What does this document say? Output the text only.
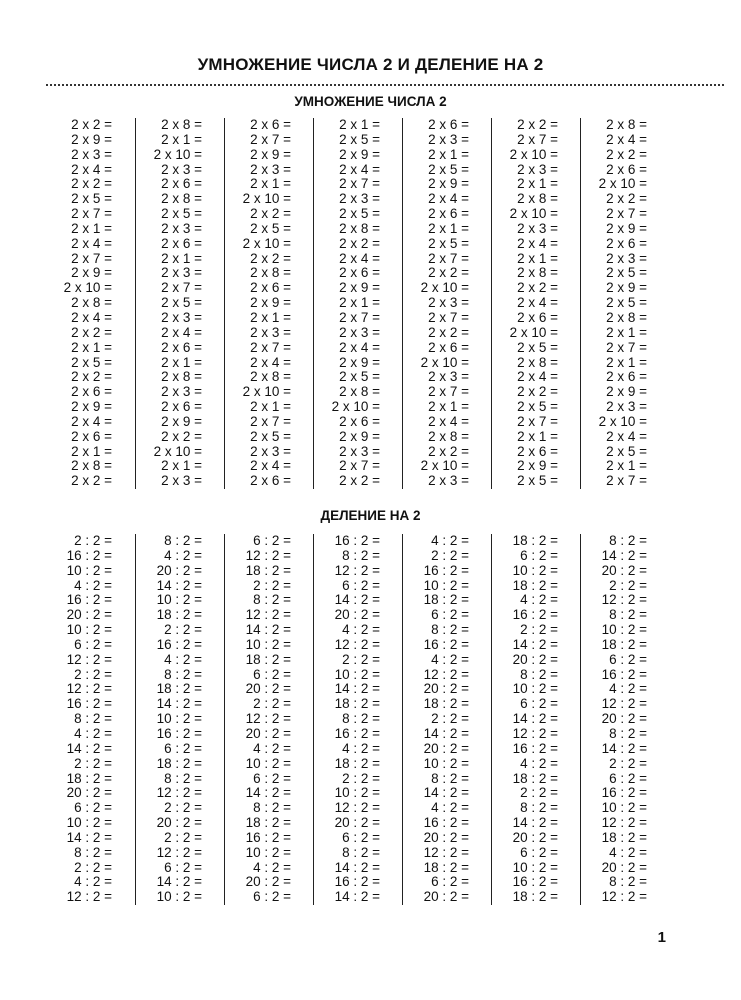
УМНОЖЕНИЕ ЧИСЛА 2 И ДЕЛЕНИЕ НА 2
УМНОЖЕНИЕ ЧИСЛА 2
2 x 2 =
2 x 9 =
2 x 3 =
2 x 4 =
2 x 2 =
2 x 5 =
2 x 7 =
2 x 1 =
2 x 4 =
2 x 7 =
2 x 9 =
2 x 10 =
2 x 8 =
2 x 4 =
2 x 2 =
2 x 1 =
2 x 5 =
2 x 2 =
2 x 6 =
2 x 9 =
2 x 4 =
2 x 6 =
2 x 1 =
2 x 8 =
2 x 2 =
2 x 8 =
2 x 1 =
2 x 10 =
2 x 3 =
2 x 6 =
2 x 8 =
2 x 5 =
2 x 3 =
2 x 6 =
2 x 1 =
2 x 3 =
2 x 7 =
2 x 5 =
2 x 3 =
2 x 4 =
2 x 6 =
2 x 1 =
2 x 8 =
2 x 3 =
2 x 6 =
2 x 9 =
2 x 2 =
2 x 10 =
2 x 1 =
2 x 3 =
2 x 6 =
2 x 7 =
2 x 9 =
2 x 3 =
2 x 1 =
2 x 10 =
2 x 2 =
2 x 5 =
2 x 10 =
2 x 2 =
2 x 8 =
2 x 6 =
2 x 9 =
2 x 1 =
2 x 3 =
2 x 7 =
2 x 4 =
2 x 8 =
2 x 10 =
2 x 1 =
2 x 7 =
2 x 5 =
2 x 3 =
2 x 4 =
2 x 6 =
2 x 1 =
2 x 5 =
2 x 9 =
2 x 4 =
2 x 7 =
2 x 3 =
2 x 5 =
2 x 8 =
2 x 2 =
2 x 4 =
2 x 6 =
2 x 9 =
2 x 1 =
2 x 7 =
2 x 3 =
2 x 4 =
2 x 9 =
2 x 5 =
2 x 8 =
2 x 10 =
2 x 6 =
2 x 9 =
2 x 3 =
2 x 7 =
2 x 2 =
2 x 6 =
2 x 3 =
2 x 1 =
2 x 5 =
2 x 9 =
2 x 4 =
2 x 6 =
2 x 1 =
2 x 5 =
2 x 7 =
2 x 2 =
2 x 10 =
2 x 3 =
2 x 7 =
2 x 2 =
2 x 6 =
2 x 10 =
2 x 3 =
2 x 7 =
2 x 1 =
2 x 4 =
2 x 8 =
2 x 2 =
2 x 10 =
2 x 3 =
2 x 2 =
2 x 7 =
2 x 10 =
2 x 3 =
2 x 1 =
2 x 8 =
2 x 10 =
2 x 3 =
2 x 4 =
2 x 1 =
2 x 8 =
2 x 2 =
2 x 4 =
2 x 6 =
2 x 10 =
2 x 5 =
2 x 8 =
2 x 4 =
2 x 2 =
2 x 5 =
2 x 7 =
2 x 1 =
2 x 6 =
2 x 9 =
2 x 5 =
2 x 8 =
2 x 4 =
2 x 2 =
2 x 6 =
2 x 10 =
2 x 2 =
2 x 7 =
2 x 9 =
2 x 6 =
2 x 3 =
2 x 5 =
2 x 9 =
2 x 5 =
2 x 8 =
2 x 1 =
2 x 7 =
2 x 1 =
2 x 6 =
2 x 9 =
2 x 3 =
2 x 10 =
2 x 4 =
2 x 5 =
2 x 1 =
2 x 7 =
ДЕЛЕНИЕ НА 2
2 : 2 =
16 : 2 =
10 : 2 =
4 : 2 =
16 : 2 =
20 : 2 =
10 : 2 =
6 : 2 =
12 : 2 =
2 : 2 =
12 : 2 =
16 : 2 =
8 : 2 =
4 : 2 =
14 : 2 =
2 : 2 =
18 : 2 =
20 : 2 =
6 : 2 =
10 : 2 =
14 : 2 =
8 : 2 =
2 : 2 =
4 : 2 =
12 : 2 =
8 : 2 =
4 : 2 =
20 : 2 =
14 : 2 =
10 : 2 =
18 : 2 =
2 : 2 =
16 : 2 =
4 : 2 =
8 : 2 =
18 : 2 =
14 : 2 =
10 : 2 =
16 : 2 =
6 : 2 =
18 : 2 =
8 : 2 =
12 : 2 =
2 : 2 =
20 : 2 =
2 : 2 =
12 : 2 =
6 : 2 =
14 : 2 =
10 : 2 =
6 : 2 =
12 : 2 =
18 : 2 =
2 : 2 =
8 : 2 =
12 : 2 =
14 : 2 =
10 : 2 =
18 : 2 =
6 : 2 =
20 : 2 =
2 : 2 =
12 : 2 =
20 : 2 =
4 : 2 =
10 : 2 =
6 : 2 =
14 : 2 =
8 : 2 =
18 : 2 =
16 : 2 =
10 : 2 =
4 : 2 =
20 : 2 =
6 : 2 =
16 : 2 =
8 : 2 =
12 : 2 =
6 : 2 =
14 : 2 =
20 : 2 =
4 : 2 =
12 : 2 =
2 : 2 =
10 : 2 =
14 : 2 =
18 : 2 =
8 : 2 =
16 : 2 =
4 : 2 =
18 : 2 =
2 : 2 =
10 : 2 =
12 : 2 =
20 : 2 =
6 : 2 =
8 : 2 =
14 : 2 =
16 : 2 =
14 : 2 =
4 : 2 =
2 : 2 =
16 : 2 =
10 : 2 =
18 : 2 =
6 : 2 =
8 : 2 =
16 : 2 =
4 : 2 =
12 : 2 =
20 : 2 =
18 : 2 =
2 : 2 =
14 : 2 =
20 : 2 =
10 : 2 =
8 : 2 =
14 : 2 =
4 : 2 =
16 : 2 =
20 : 2 =
12 : 2 =
18 : 2 =
6 : 2 =
20 : 2 =
18 : 2 =
6 : 2 =
10 : 2 =
18 : 2 =
4 : 2 =
16 : 2 =
2 : 2 =
14 : 2 =
20 : 2 =
8 : 2 =
10 : 2 =
6 : 2 =
14 : 2 =
12 : 2 =
16 : 2 =
4 : 2 =
18 : 2 =
2 : 2 =
8 : 2 =
14 : 2 =
20 : 2 =
6 : 2 =
10 : 2 =
16 : 2 =
18 : 2 =
8 : 2 =
14 : 2 =
20 : 2 =
2 : 2 =
12 : 2 =
8 : 2 =
10 : 2 =
18 : 2 =
6 : 2 =
16 : 2 =
4 : 2 =
12 : 2 =
20 : 2 =
8 : 2 =
14 : 2 =
2 : 2 =
6 : 2 =
16 : 2 =
10 : 2 =
12 : 2 =
18 : 2 =
4 : 2 =
20 : 2 =
8 : 2 =
12 : 2 =
1
